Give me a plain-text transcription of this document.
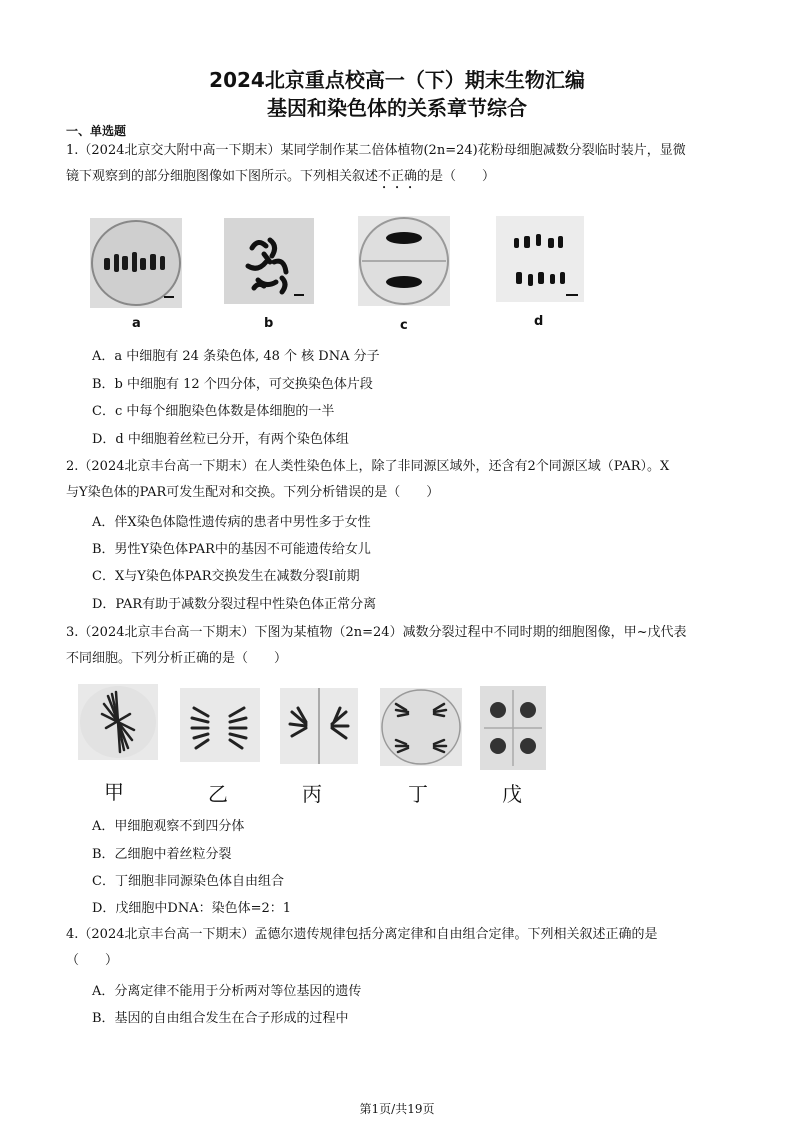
2024北京重点校高一（下）期末生物汇编
基因和染色体的关系章节综合
一、单选题
1.（2024北京交大附中高一下期末）某同学制作某二倍体植物(2n=24)花粉母细胞减数分裂临时装片，显微
镜下观察到的部分细胞图像如下图所示。下列相关叙述不正确的是（　　）
a	b	c	d
A．a 中细胞有 24 条染色体, 48 个 核 DNA 分子
B．b 中细胞有 12 个四分体，可交换染色体片段
C．c 中每个细胞染色体数是体细胞的一半
D．d 中细胞着丝粒已分开，有两个染色体组
2.（2024北京丰台高一下期末）在人类性染色体上，除了非同源区域外，还含有2个同源区域（PAR）。X
与Y染色体的PAR可发生配对和交换。下列分析错误的是（　　）
A．伴X染色体隐性遗传病的患者中男性多于女性
B．男性Y染色体PAR中的基因不可能遗传给女儿
C．X与Y染色体PAR交换发生在减数分裂Ⅰ前期
D．PAR有助于减数分裂过程中性染色体正常分离
3.（2024北京丰台高一下期末）下图为某植物（2n=24）减数分裂过程中不同时期的细胞图像，甲~戊代表
不同细胞。下列分析正确的是（　　）
甲	乙	丙	丁	戊
A．甲细胞观察不到四分体
B．乙细胞中着丝粒分裂
C．丁细胞非同源染色体自由组合
D．戊细胞中DNA：染色体=2：1
4.（2024北京丰台高一下期末）孟德尔遗传规律包括分离定律和自由组合定律。下列相关叙述正确的是
（　　）
A．分离定律不能用于分析两对等位基因的遗传
B．基因的自由组合发生在合子形成的过程中
第1页/共19页
